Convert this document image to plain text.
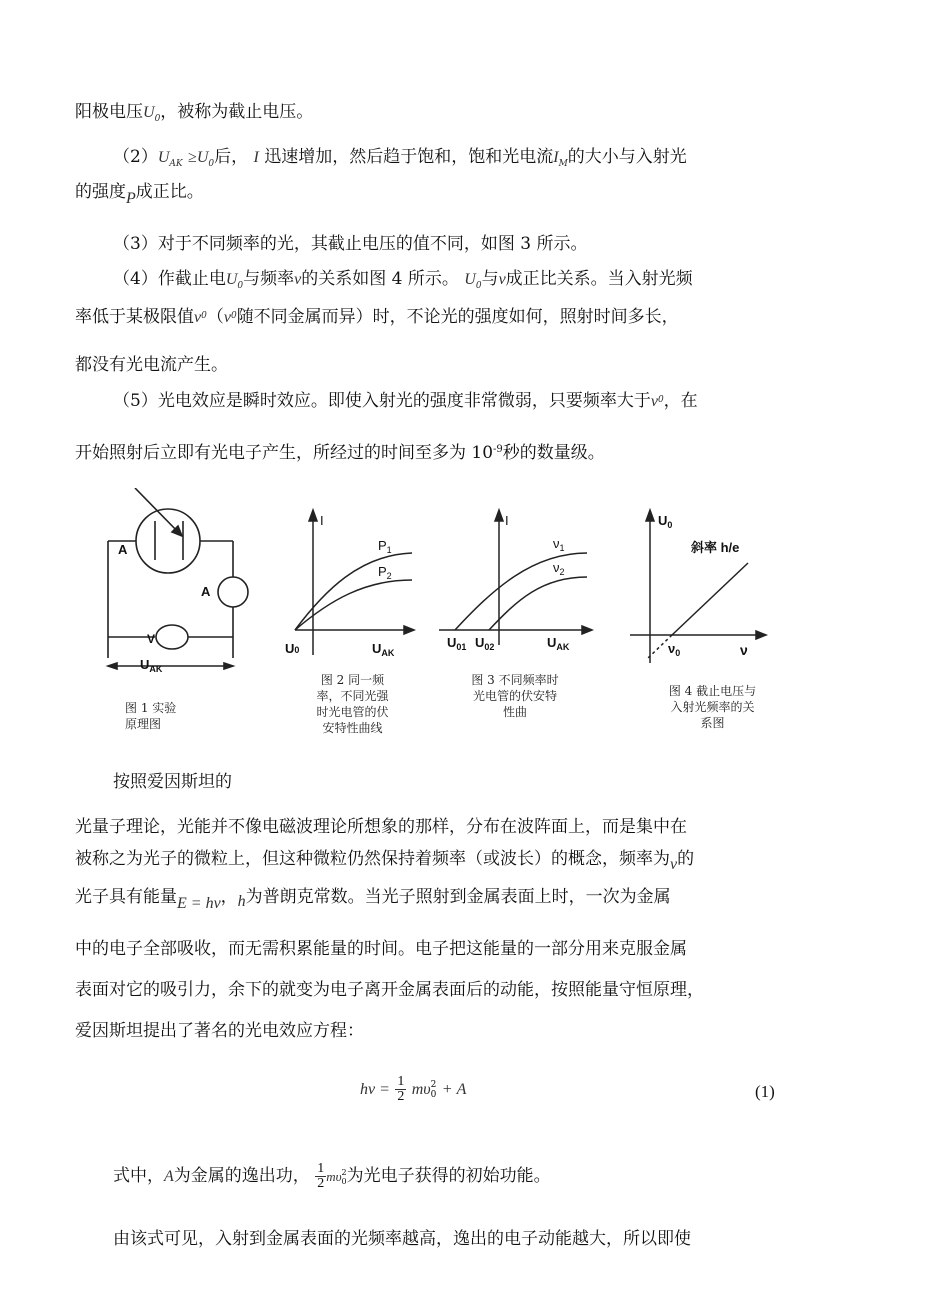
阳极电压$U_0$，被称为截止电压。
$(2)U_{AK} \ge U_0$后， I 迅速增加，然后趋于饱和，饱和光电流$I_M$的大小与入射光
的强度P成正比。
（3）对于不同频率的光，其截止电压的值不同，如图 3 所示。
（4）作截止电$U_0$与频率ν的关系如图 4 所示。 $U_0$与ν成正比关系。当入射光频
率低于某极限值$\nu^0(\nu^0$随不同金属而异）时，不论光的强度如何，照射时间多长，
都没有光电流产生。
（5）光电效应是瞬时效应。即使入射光的强度非常微弱，只要频率大于$\nu^0$，在
开始照射后立即有光电子产生，所经过的时间至多为 $10^{-9}$秒的数量级。
A
A
V
$U_{AK}$
图 1 实验
原理图
I
$P_1$
$P_2$
U0	$U_{AK}$
图 2 同一频
率，不同光强
时光电管的伏
安特性曲线
I
$\nu_1$
$\nu_2$
$U_{01}$ $U_{02}$	$U_{AK}$
图 3 不同频率时
光电管的伏安特
性曲
$U_0$
斜率 h/e
$\nu_0$	ν
图 4 截止电压与
入射光频率的关
系图
按照爱因斯坦的
光量子理论，光能并不像电磁波理论所想象的那样，分布在波阵面上，而是集中在
被称之为光子的微粒上，但这种微粒仍然保持着频率（或波长）的概念，频率为ν的
光子具有能量E = hν，h为普朗克常数。当光子照射到金属表面上时，一次为金属
中的电子全部吸收，而无需积累能量的时间。电子把这能量的一部分用来克服金属
表面对它的吸引力，余下的就变为电子离开金属表面后的动能，按照能量守恒原理，
爱因斯坦提出了著名的光电效应方程：
$h\nu = \frac{1}{2}$ mυ 2
0 + A	(1)
式中，A为金属的逸出功， $\frac{1}{2}$ mυ 2
0 为光电子获得的初始功能。
由该式可见，入射到金属表面的光频率越高，逸出的电子动能越大，所以即使
